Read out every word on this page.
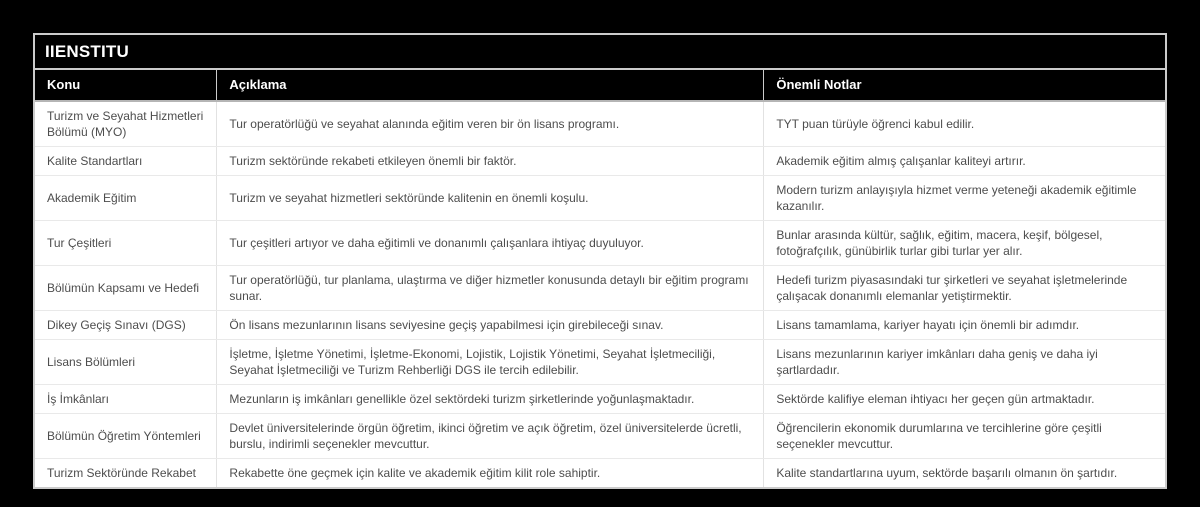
IIENSTITU
Konu	Açıklama	Önemli Notlar
Turizm ve Seyahat Hizmetleri Bölümü (MYO)	Tur operatörlüğü ve seyahat alanında eğitim veren bir ön lisans programı.	TYT puan türüyle öğrenci kabul edilir.
Kalite Standartları	Turizm sektöründe rekabeti etkileyen önemli bir faktör.	Akademik eğitim almış çalışanlar kaliteyi artırır.
Akademik Eğitim	Turizm ve seyahat hizmetleri sektöründe kalitenin en önemli koşulu.	Modern turizm anlayışıyla hizmet verme yeteneği akademik eğitimle kazanılır.
Tur Çeşitleri	Tur çeşitleri artıyor ve daha eğitimli ve donanımlı çalışanlara ihtiyaç duyuluyor.	Bunlar arasında kültür, sağlık, eğitim, macera, keşif, bölgesel, fotoğrafçılık, günübirlik turlar gibi turlar yer alır.
Bölümün Kapsamı ve Hedefi	Tur operatörlüğü, tur planlama, ulaştırma ve diğer hizmetler konusunda detaylı bir eğitim programı sunar.	Hedefi turizm piyasasındaki tur şirketleri ve seyahat işletmelerinde çalışacak donanımlı elemanlar yetiştirmektir.
Dikey Geçiş Sınavı (DGS)	Ön lisans mezunlarının lisans seviyesine geçiş yapabilmesi için girebileceği sınav.	Lisans tamamlama, kariyer hayatı için önemli bir adımdır.
Lisans Bölümleri	İşletme, İşletme Yönetimi, İşletme-Ekonomi, Lojistik, Lojistik Yönetimi, Seyahat İşletmeciliği, Seyahat İşletmeciliği ve Turizm Rehberliği DGS ile tercih edilebilir.	Lisans mezunlarının kariyer imkânları daha geniş ve daha iyi şartlardadır.
İş İmkânları	Mezunların iş imkânları genellikle özel sektördeki turizm şirketlerinde yoğunlaşmaktadır.	Sektörde kalifiye eleman ihtiyacı her geçen gün artmaktadır.
Bölümün Öğretim Yöntemleri	Devlet üniversitelerinde örgün öğretim, ikinci öğretim ve açık öğretim, özel üniversitelerde ücretli, burslu, indirimli seçenekler mevcuttur.	Öğrencilerin ekonomik durumlarına ve tercihlerine göre çeşitli seçenekler mevcuttur.
Turizm Sektöründe Rekabet	Rekabette öne geçmek için kalite ve akademik eğitim kilit role sahiptir.	Kalite standartlarına uyum, sektörde başarılı olmanın ön şartıdır.
